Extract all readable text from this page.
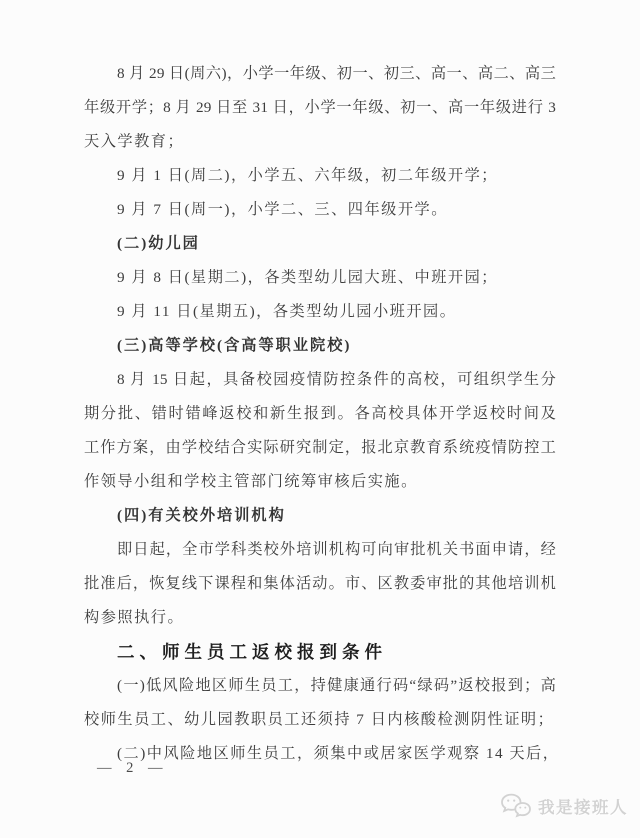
8 月 29 日(周六)，小学一年级、初一、初三、高一、高二、高三
年级开学；8 月 29 日至 31 日，小学一年级、初一、高一年级进行 3
天入学教育；
9 月 1 日(周二)，小学五、六年级，初二年级开学；
9 月 7 日(周一)，小学二、三、四年级开学。
(二)幼儿园
9 月 8 日(星期二)，各类型幼儿园大班、中班开园；
9 月 11 日(星期五)，各类型幼儿园小班开园。
(三)高等学校(含高等职业院校)
8 月 15 日起，具备校园疫情防控条件的高校，可组织学生分
期分批、错时错峰返校和新生报到。各高校具体开学返校时间及
工作方案，由学校结合实际研究制定，报北京教育系统疫情防控工
作领导小组和学校主管部门统筹审核后实施。
(四)有关校外培训机构
即日起，全市学科类校外培训机构可向审批机关书面申请，经
批准后，恢复线下课程和集体活动。市、区教委审批的其他培训机
构参照执行。
二、师生员工返校报到条件
(一)低风险地区师生员工，持健康通行码“绿码”返校报到；高
校师生员工、幼儿园教职员工还须持 7 日内核酸检测阴性证明；
(二)中风险地区师生员工，须集中或居家医学观察 14 天后，
— 2 —
我是接班人
